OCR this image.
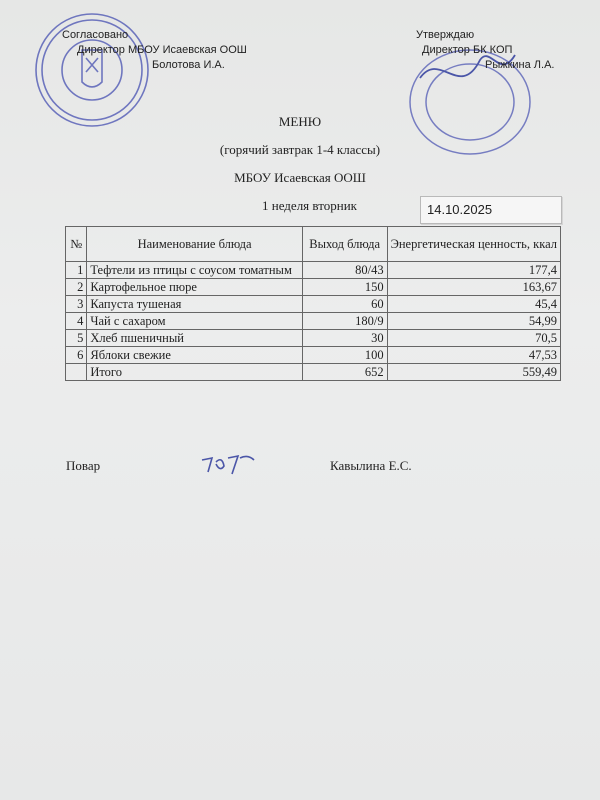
Согласовано
Директор МБОУ Исаевская ООШ
Болотова И.А.
Утверждаю
Директор БК КОП
Рыжкина Л.А.
МЕНЮ
(горячий завтрак 1-4 классы)
МБОУ Исаевская ООШ
1 неделя вторник	14.10.2025
№	Наименование блюда	Выход блюда	Энергетическая ценность, ккал
1	Тефтели из птицы с соусом томатным	80/43	177,4
2	Картофельное пюре	150	163,67
3	Капуста тушеная	60	45,4
4	Чай с сахаром	180/9	54,99
5	Хлеб пшеничный	30	70,5
6	Яблоки свежие	100	47,53
	Итого	652	559,49
Повар	Кавылина Е.С.
